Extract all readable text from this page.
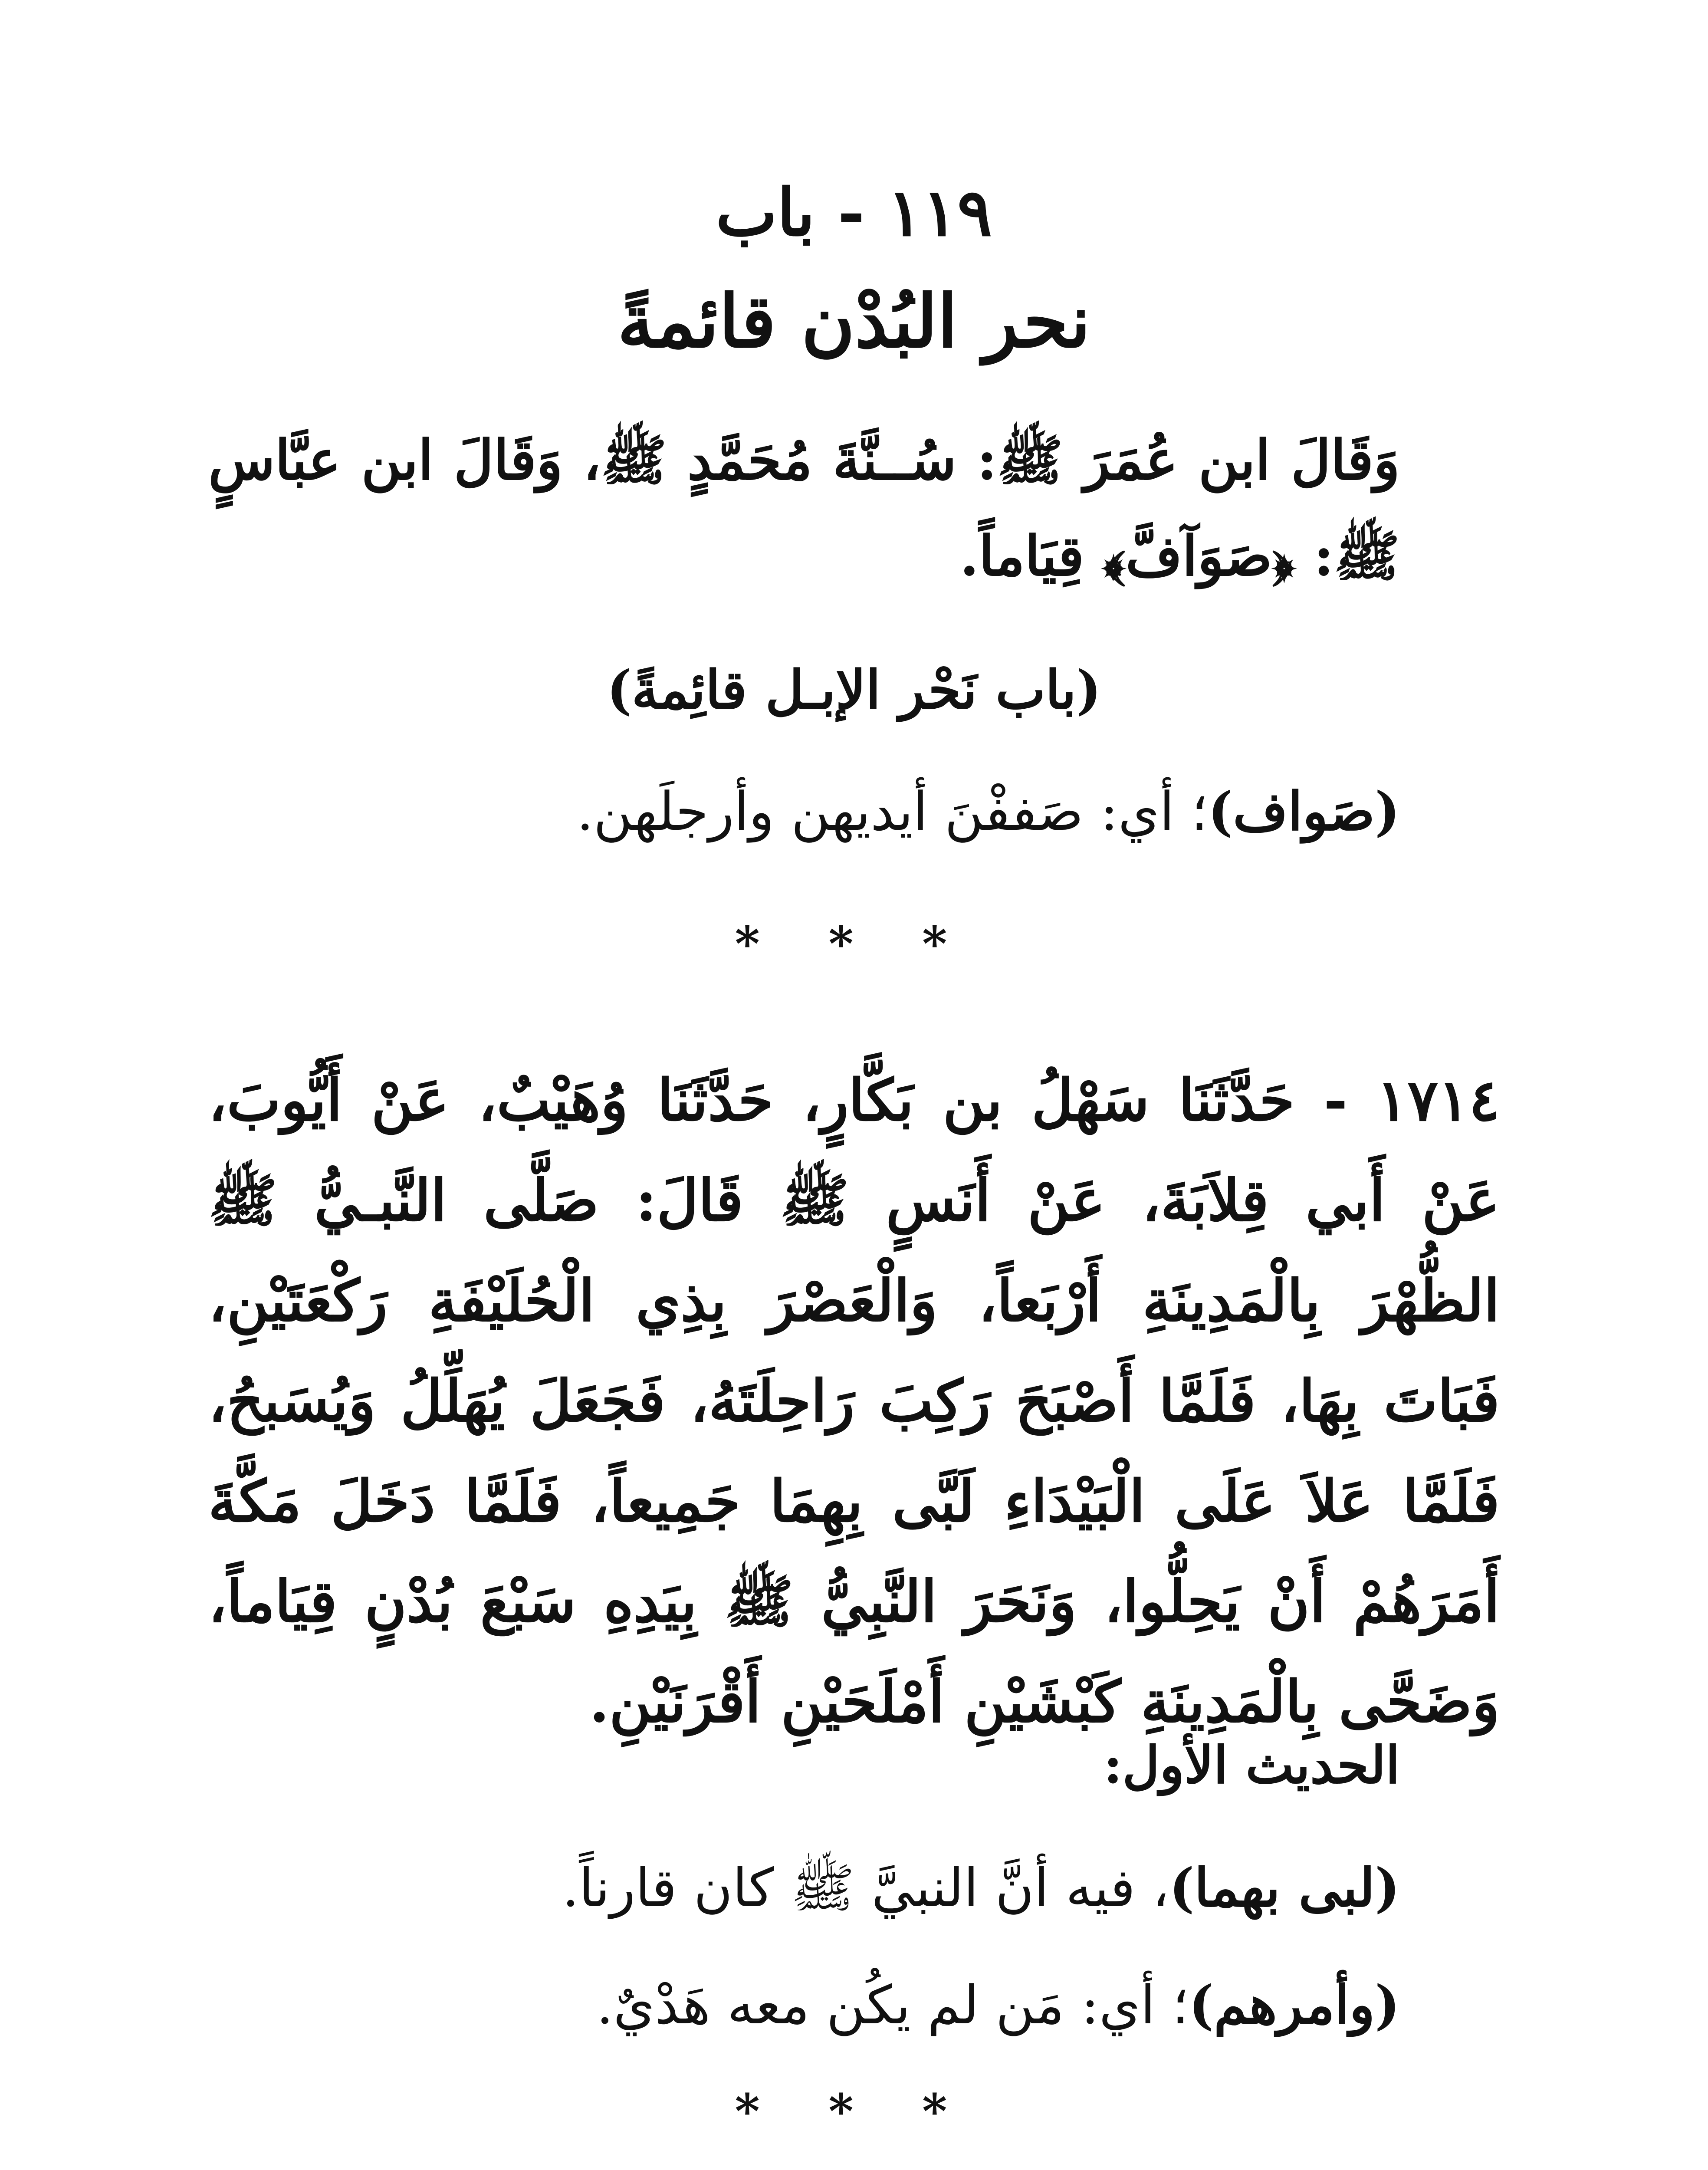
١١٩ - باب

نحر البُدْن قائمةً

وَقَالَ ابن عُمَرَ ﷺ: سُــنَّةَ مُحَمَّدٍ ﷺ، وَقَالَ ابن عبَّاسٍ ﷺ: ﴿صَوَآفَّ﴾ قِيَاماً.

(باب نَحْر الإبـل قائِمةً)

(صَواف)؛ أي: صَففْنَ أيديهن وأرجلَهن.

* * *

١٧١٤ - حَدَّثَنَا سَهْلُ بن بَكَّارٍ، حَدَّثَنَا وُهَيْبٌ، عَنْ أَيُّوبَ، عَنْ أَبي قِلاَبَةَ، عَنْ أَنَسٍ ﷺ قَالَ: صَلَّى النَّبـيُّ ﷺ الظُّهْرَ بِالْمَدِينَةِ أَرْبَعاً، وَالْعَصْرَ بِذِي الْحُلَيْفَةِ رَكْعَتَيْنِ، فَبَاتَ بِهَا، فَلَمَّا أَصْبَحَ رَكِبَ رَاحِلَتَهُ، فَجَعَلَ يُهَلِّلُ وَيُسَبحُ، فَلَمَّا عَلاَ عَلَى الْبَيْدَاءِ لَبَّى بِهِمَا جَمِيعاً، فَلَمَّا دَخَلَ مَكَّةَ أَمَرَهُمْ أَنْ يَحِلُّوا، وَنَحَرَ النَّبِيُّ ﷺ بِيَدِهِ سَبْعَ بُدْنٍ قِيَاماً، وَضَحَّى بِالْمَدِينَةِ كَبْشَيْنِ أَمْلَحَيْنِ أَقْرَنَيْنِ.

الحديث الأول:

(لبى بهما)، فيه أنَّ النبيَّ ﷺ كان قارناً.

(وأمرهم)؛ أي: مَن لم يكُن معه هَدْيٌ.

* * *
